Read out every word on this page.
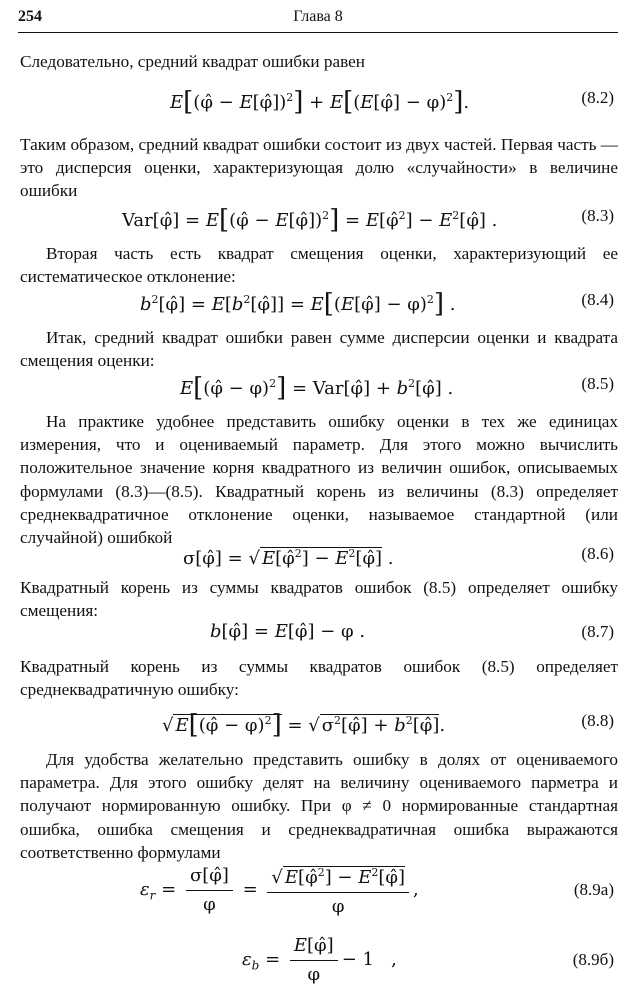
254	Глава 8

Следовательно, средний квадрат ошибки равен

E[(φ̂ − E[φ̂])$^2$] + E[(E[φ̂] − φ)$^2$].	(8.2)

Таким образом, средний квадрат ошибки состоит из двух частей. Первая часть — это дисперсия оценки, характеризующая долю «случайности» в величине ошибки

Var[φ̂] = E[(φ̂ − E[φ̂])$^2$] = E[φ̂$^2$] − $E^2[\varphî]$ .	(8.3)

Вторая часть есть квадрат смещения оценки, характеризующий ее систематическое отклонение:

$b^2[\varphî]$ = $E[b^2[\varphî]]$ = E[(E[φ̂] − φ)$^2$] .	(8.4)

Итак, средний квадрат ошибки равен сумме дисперсии оценки и квадрата смещения оценки:

E[(φ̂ − φ)$^2$] = Var[φ̂] + $b^2[\varphî]$ .	(8.5)

На практике удобнее представить ошибку оценки в тех же единицах измерения, что и оцениваемый параметр. Для этого можно вычислить положительное значение корня квадратного из величин ошибок, описываемых формулами (8.3)—(8.5). Квадратный корень из величины (8.3) определяет среднеквадратичное отклонение оценки, называемое стандартной (или случайной) ошибкой

σ[φ̂] = √ E[φ̂$^2$] − $E^2[\varphî]$ .	(8.6)

Квадратный корень из суммы квадратов ошибок (8.5) определяет ошибку смещения:

b[φ̂] = E[φ̂] − φ .	(8.7)

Квадратный корень из суммы квадратов ошибок (8.5) определяет среднеквадратичную ошибку:

√ E[(φ̂ − φ)$^2$] = √ $\sigma^2[\varphî]$ + $b^2[\varphî]$.	(8.8)

Для удобства желательно представить ошибку в долях от оцениваемого параметра. Для этого ошибку делят на величину оцениваемого парметра и получают нормированную ошибку. При φ ≠ 0 нормированные стандартная ошибка, ошибка смещения и среднеквадратичная ошибка выражаются соответственно формулами

$\varepsilon_r = \frac{\sigma[\varphî]}{\varphi} = \frac{√ E[\varphî^2] - E^2[\varphî]}{\varphi}$ ,	(8.9а)
$\varepsilon_b = \frac{E[\varphî]}{\varphi} - 1$   ,	(8.9б)
